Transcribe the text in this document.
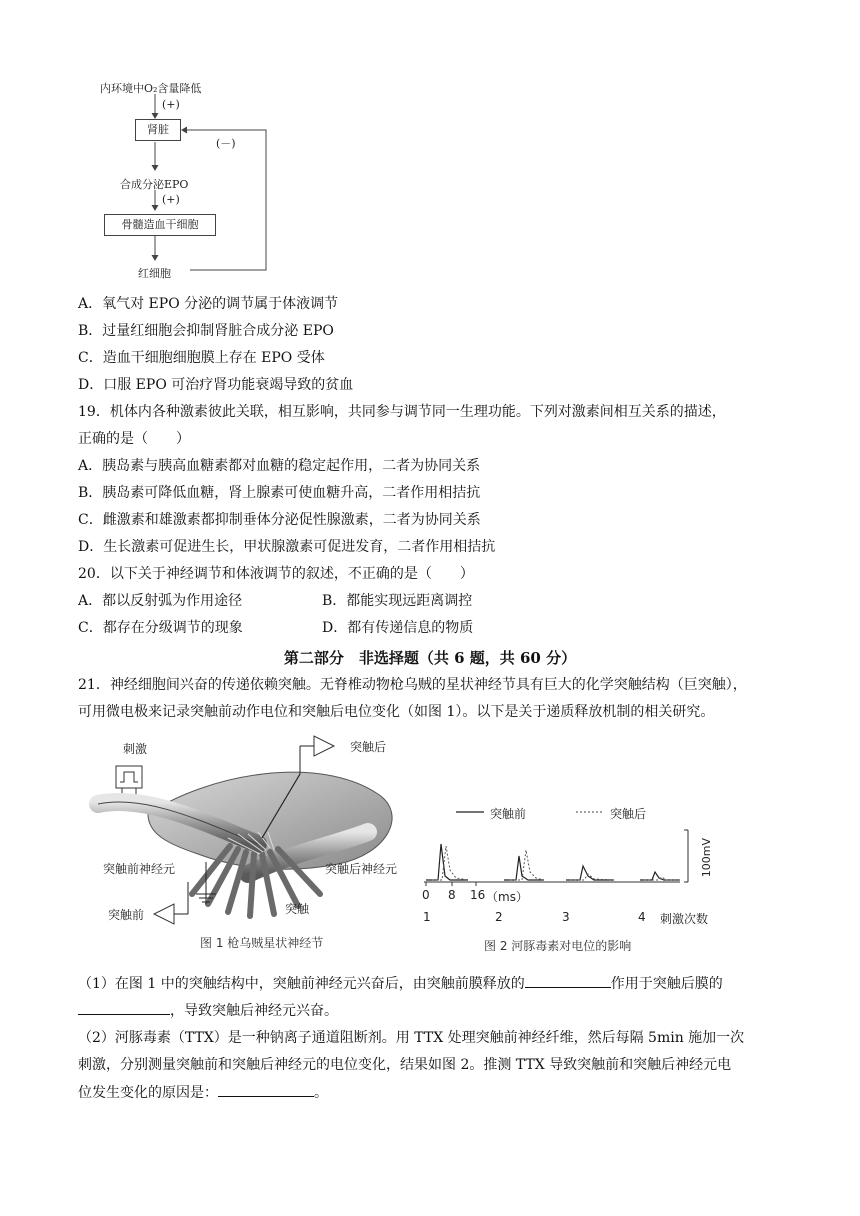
内环境中O₂含量降低
(+)
肾脏
(－)
合成分泌EPO
(+)
骨髓造血干细胞
红细胞
A．氧气对 EPO 分泌的调节属于体液调节
B．过量红细胞会抑制肾脏合成分泌 EPO
C．造血干细胞细胞膜上存在 EPO 受体
D．口服 EPO 可治疗肾功能衰竭导致的贫血
19．机体内各种激素彼此关联，相互影响，共同参与调节同一生理功能。下列对激素间相互关系的描述，
正确的是（　　）
A．胰岛素与胰高血糖素都对血糖的稳定起作用，二者为协同关系
B．胰岛素可降低血糖，肾上腺素可使血糖升高，二者作用相拮抗
C．雌激素和雄激素都抑制垂体分泌促性腺激素，二者为协同关系
D．生长激素可促进生长，甲状腺激素可促进发育，二者作用相拮抗
20．以下关于神经调节和体液调节的叙述，不正确的是（　　）
A．都以反射弧为作用途径	B．都能实现远距离调控
C．都存在分级调节的现象	D．都有传递信息的物质
第二部分　非选择题（共 6 题，共 60 分）
21．神经细胞间兴奋的传递依赖突触。无脊椎动物枪乌贼的星状神经节具有巨大的化学突触结构（巨突触），
可用微电极来记录突触前动作电位和突触后电位变化（如图 1）。以下是关于递质释放机制的相关研究。
刺激	突触后
突触前神经元	突触后神经元
突触
突触前
图 1 枪乌贼星状神经节
突触前	突触后
100mV
0 8 16 （ms）
1	2	3	4 刺激次数
图 2 河豚毒素对电位的影响
（1）在图 1 中的突触结构中，突触前神经元兴奋后，由突触前膜释放的	作用于突触后膜的
，导致突触后神经元兴奋。
（2）河豚毒素（TTX）是一种钠离子通道阻断剂。用 TTX 处理突触前神经纤维，然后每隔 5min 施加一次
刺激，分别测量突触前和突触后神经元的电位变化，结果如图 2。推测 TTX 导致突触前和突触后神经元电
位发生变化的原因是：	。
